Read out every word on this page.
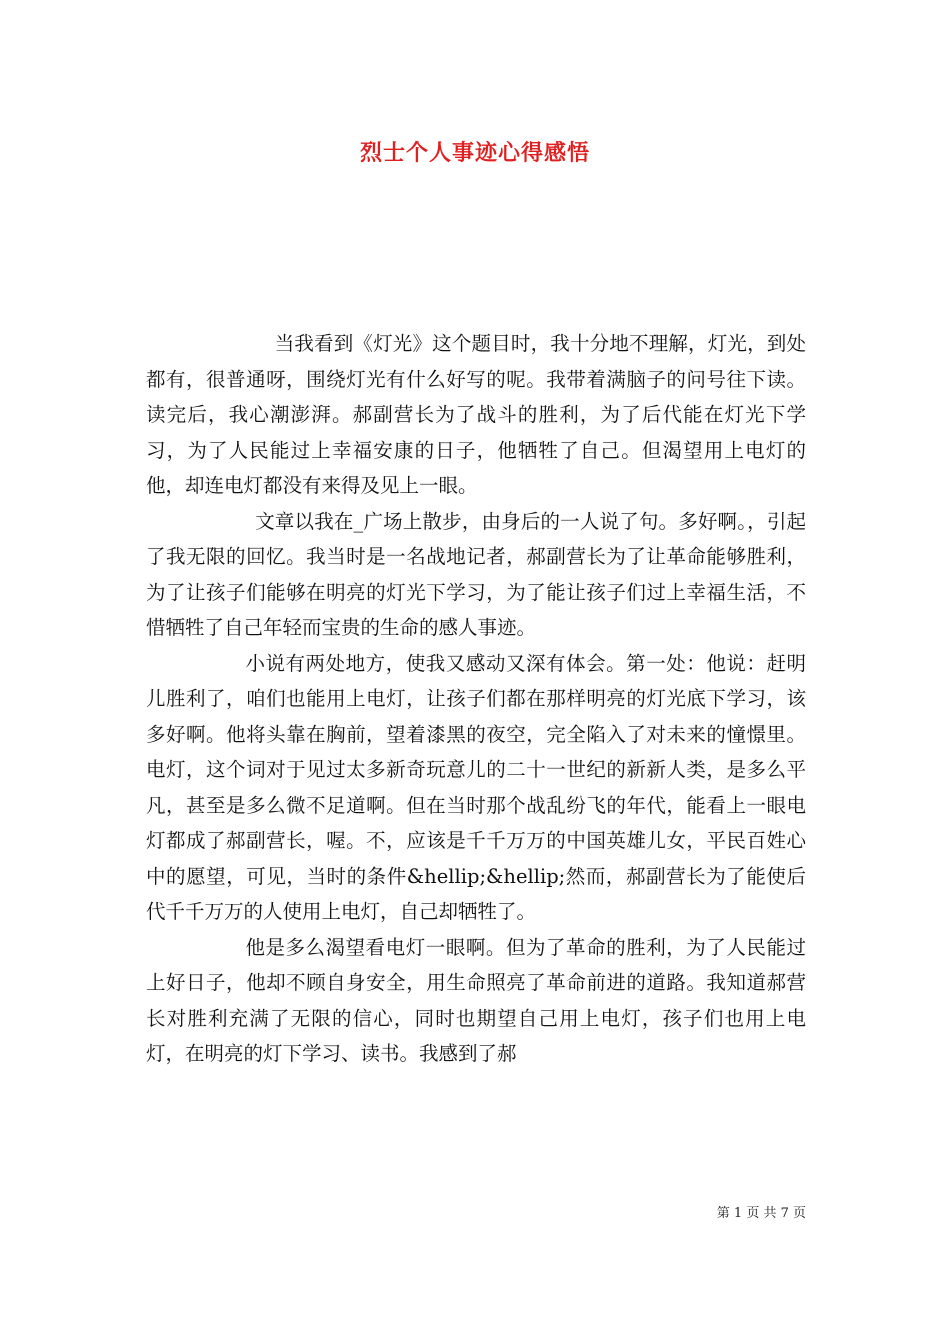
烈士个人事迹心得感悟

当我看到《灯光》这个题目时，我十分地不理解，灯光，到处都有，很普通呀，围绕灯光有什么好写的呢。我带着满脑子的问号往下读。读完后，我心潮澎湃。郝副营长为了战斗的胜利，为了后代能在灯光下学习，为了人民能过上幸福安康的日子，他牺牲了自己。但渴望用上电灯的他，却连电灯都没有来得及见上一眼。

文章以我在_广场上散步，由身后的一人说了句。多好啊。，引起了我无限的回忆。我当时是一名战地记者，郝副营长为了让革命能够胜利，为了让孩子们能够在明亮的灯光下学习，为了能让孩子们过上幸福生活，不惜牺牲了自己年轻而宝贵的生命的感人事迹。

小说有两处地方，使我又感动又深有体会。第一处：他说：赶明儿胜利了，咱们也能用上电灯，让孩子们都在那样明亮的灯光底下学习，该多好啊。他将头靠在胸前，望着漆黑的夜空，完全陷入了对未来的憧憬里。电灯，这个词对于见过太多新奇玩意儿的二十一世纪的新新人类，是多么平凡，甚至是多么微不足道啊。但在当时那个战乱纷飞的年代，能看上一眼电灯都成了郝副营长，喔。不，应该是千千万万的中国英雄儿女，平民百姓心中的愿望，可见，当时的条件&hellip;&hellip;然而，郝副营长为了能使后代千千万万的人使用上电灯，自己却牺牲了。

他是多么渴望看电灯一眼啊。但为了革命的胜利，为了人民能过上好日子，他却不顾自身安全，用生命照亮了革命前进的道路。我知道郝营长对胜利充满了无限的信心，同时也期望自己用上电灯，孩子们也用上电灯，在明亮的灯下学习、读书。我感到了郝

第 1 页 共 7 页
